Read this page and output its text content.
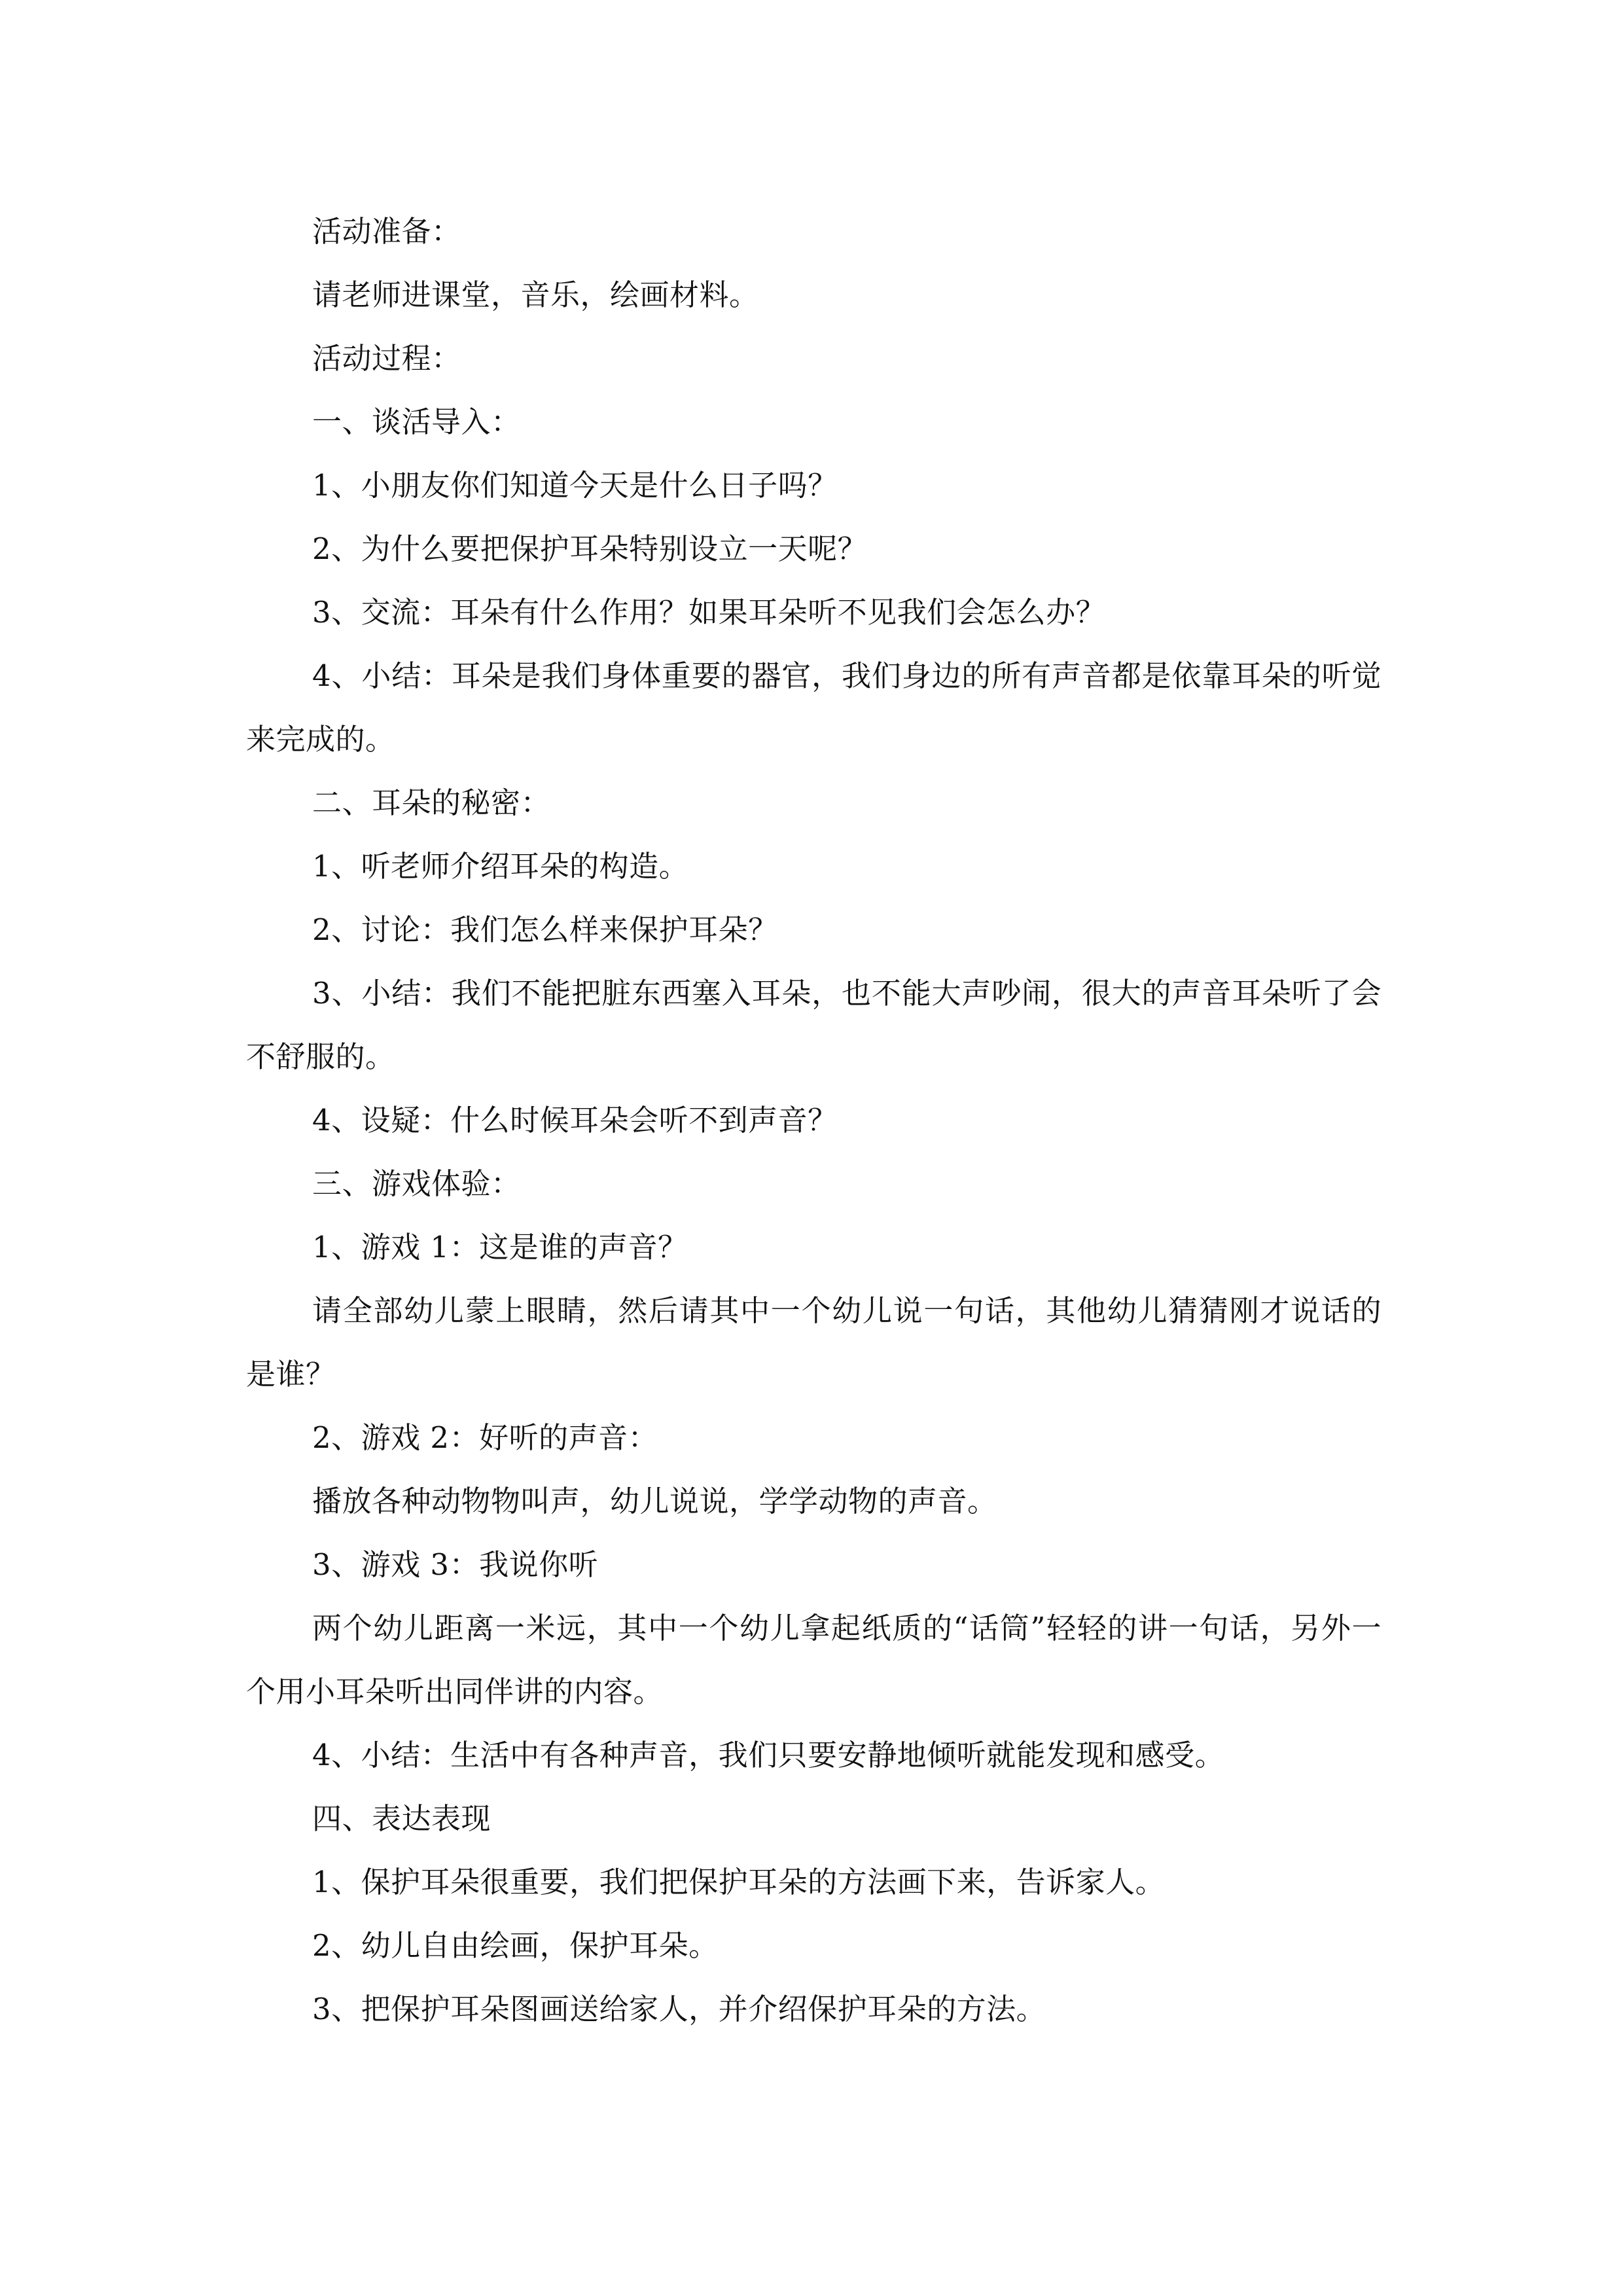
活动准备：

请老师进课堂，音乐，绘画材料。

活动过程：

一、谈活导入：

1、小朋友你们知道今天是什么日子吗？

2、为什么要把保护耳朵特别设立一天呢？

3、交流：耳朵有什么作用？如果耳朵听不见我们会怎么办？

4、小结：耳朵是我们身体重要的器官，我们身边的所有声音都是依靠耳朵的听觉来完成的。

二、耳朵的秘密：

1、听老师介绍耳朵的构造。

2、讨论：我们怎么样来保护耳朵？

3、小结：我们不能把脏东西塞入耳朵，也不能大声吵闹，很大的声音耳朵听了会不舒服的。

4、设疑：什么时候耳朵会听不到声音？

三、游戏体验：

1、游戏 1：这是谁的声音？

请全部幼儿蒙上眼睛，然后请其中一个幼儿说一句话，其他幼儿猜猜刚才说话的是谁？

2、游戏 2：好听的声音：

播放各种动物物叫声，幼儿说说，学学动物的声音。

3、游戏 3：我说你听

两个幼儿距离一米远，其中一个幼儿拿起纸质的“话筒”轻轻的讲一句话，另外一个用小耳朵听出同伴讲的内容。

4、小结：生活中有各种声音，我们只要安静地倾听就能发现和感受。

四、表达表现

1、保护耳朵很重要，我们把保护耳朵的方法画下来，告诉家人。

2、幼儿自由绘画，保护耳朵。

3、把保护耳朵图画送给家人，并介绍保护耳朵的方法。
